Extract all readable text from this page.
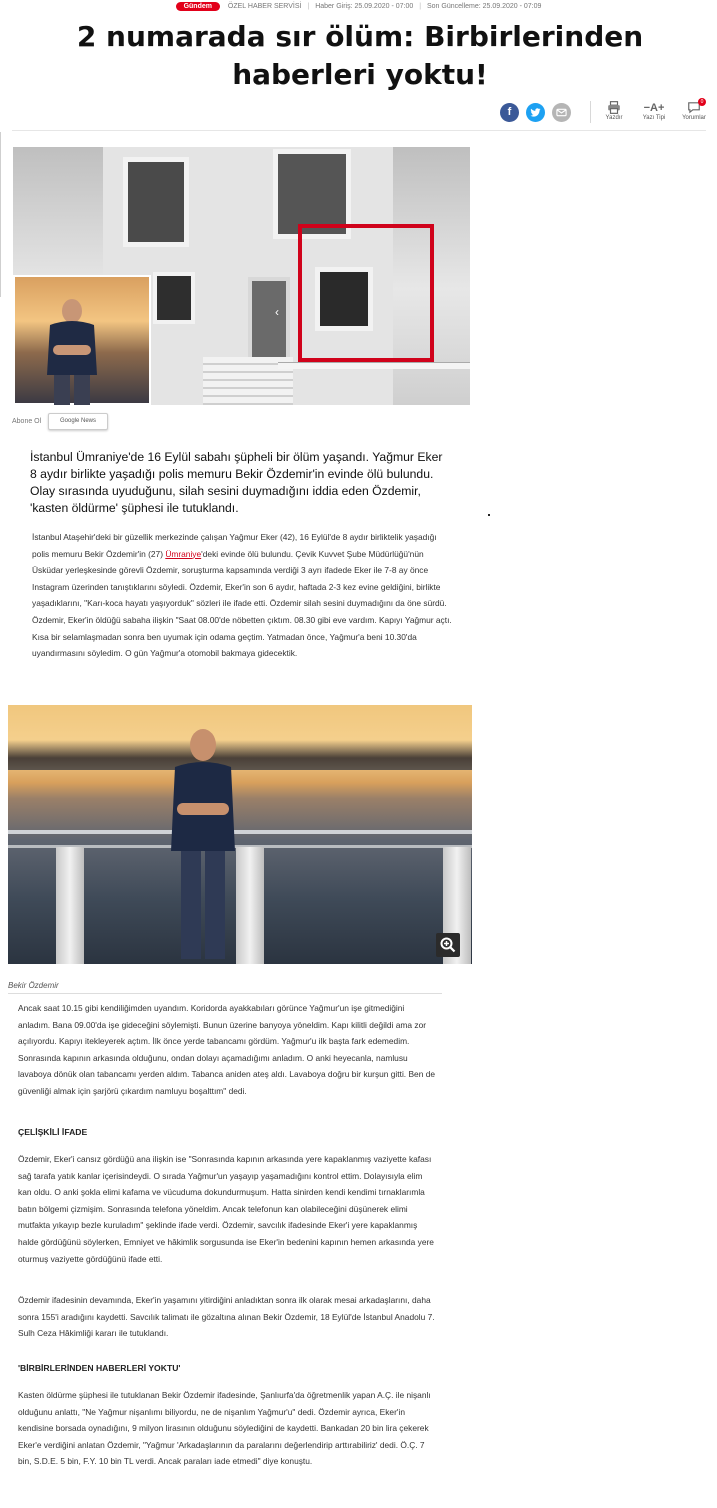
Gündem ÖZEL HABER SERVİSİ | Haber Giriş: 25.09.2020 - 07:00 | Son Güncelleme: 25.09.2020 - 07:09
2 numarada sır ölüm: Birbirlerinden haberleri yoktu!
f	Yazdır
−A+
Yazı Tipi
0
Yorumlar
‹
Abone Ol	Google News

İstanbul Ümraniye'de 16 Eylül sabahı şüpheli bir ölüm yaşandı. Yağmur Eker 8 aydır birlikte yaşadığı polis memuru Bekir Özdemir'in evinde ölü bulundu. Olay sırasında uyuduğunu, silah sesini duymadığını iddia eden Özdemir, 'kasten öldürme' şüphesi ile tutuklandı.

İstanbul Ataşehir'deki bir güzellik merkezinde çalışan Yağmur Eker (42), 16 Eylül'de 8 aydır birliktelik yaşadığı polis memuru Bekir Özdemir'in (27) Ümraniye'deki evinde ölü bulundu. Çevik Kuvvet Şube Müdürlüğü'nün Üsküdar yerleşkesinde görevli Özdemir, soruşturma kapsamında verdiği 3 ayrı ifadede Eker ile 7-8 ay önce Instagram üzerinden tanıştıklarını söyledi. Özdemir, Eker'in son 6 aydır, haftada 2-3 kez evine geldiğini, birlikte yaşadıklarını, "Karı-koca hayatı yaşıyorduk" sözleri ile ifade etti. Özdemir silah sesini duymadığını da öne sürdü. Özdemir, Eker'in öldüğü sabaha ilişkin "Saat 08.00'de nöbetten çıktım. 08.30 gibi eve vardım. Kapıyı Yağmur açtı. Kısa bir selamlaşmadan sonra ben uyumak için odama geçtim. Yatmadan önce, Yağmur'a beni 10.30'da uyandırmasını söyledim. O gün Yağmur'a otomobil bakmaya gidecektik.

Bekir Özdemir

Ancak saat 10.15 gibi kendiliğimden uyandım. Koridorda ayakkabıları görünce Yağmur'un işe gitmediğini anladım. Bana 09.00'da işe gideceğini söylemişti. Bunun üzerine banyoya yöneldim. Kapı kilitli değildi ama zor açılıyordu. Kapıyı itekleyerek açtım. İlk önce yerde tabancamı gördüm. Yağmur'u ilk başta fark edemedim. Sonrasında kapının arkasında olduğunu, ondan dolayı açamadığımı anladım. O anki heyecanla, namlusu lavaboya dönük olan tabancamı yerden aldım. Tabanca aniden ateş aldı. Lavaboya doğru bir kurşun gitti. Ben de güvenliği almak için şarjörü çıkardım namluyu boşalttım" dedi.

ÇELİŞKİLİ İFADE

Özdemir, Eker'i cansız gördüğü ana ilişkin ise "Sonrasında kapının arkasında yere kapaklanmış vaziyette kafası sağ tarafa yatık kanlar içerisindeydi. O sırada Yağmur'un yaşayıp yaşamadığını kontrol ettim. Dolayısıyla elim kan oldu. O anki şokla elimi kafama ve vücuduma dokundurmuşum. Hatta sinirden kendi kendimi tırnaklarımla batın bölgemi çizmişim. Sonrasında telefona yöneldim. Ancak telefonun kan olabileceğini düşünerek elimi mutfakta yıkayıp bezle kuruladım" şeklinde ifade verdi. Özdemir, savcılık ifadesinde Eker'i yere kapaklanmış halde gördüğünü söylerken, Emniyet ve hâkimlik sorgusunda ise Eker'in bedenini kapının hemen arkasında yere oturmuş vaziyette gördüğünü ifade etti.

Özdemir ifadesinin devamında, Eker'in yaşamını yitirdiğini anladıktan sonra ilk olarak mesai arkadaşlarını, daha sonra 155'i aradığını kaydetti. Savcılık talimatı ile gözaltına alınan Bekir Özdemir, 18 Eylül'de İstanbul Anadolu 7. Sulh Ceza Hâkimliği kararı ile tutuklandı.

'BİRBİRLERİNDEN HABERLERİ YOKTU'

Kasten öldürme şüphesi ile tutuklanan Bekir Özdemir ifadesinde, Şanlıurfa'da öğretmenlik yapan A.Ç. ile nişanlı olduğunu anlattı, "Ne Yağmur nişanlımı biliyordu, ne de nişanlım Yağmur'u" dedi. Özdemir ayrıca, Eker'in kendisine borsada oynadığını, 9 milyon lirasının olduğunu söylediğini de kaydetti. Bankadan 20 bin lira çekerek Eker'e verdiğini anlatan Özdemir, "Yağmur 'Arkadaşlarının da paralarını değerlendirip arttırabiliriz' dedi. Ö.Ç. 7 bin, S.D.E. 5 bin, F.Y. 10 bin TL verdi. Ancak paraları iade etmedi" diye konuştu.
